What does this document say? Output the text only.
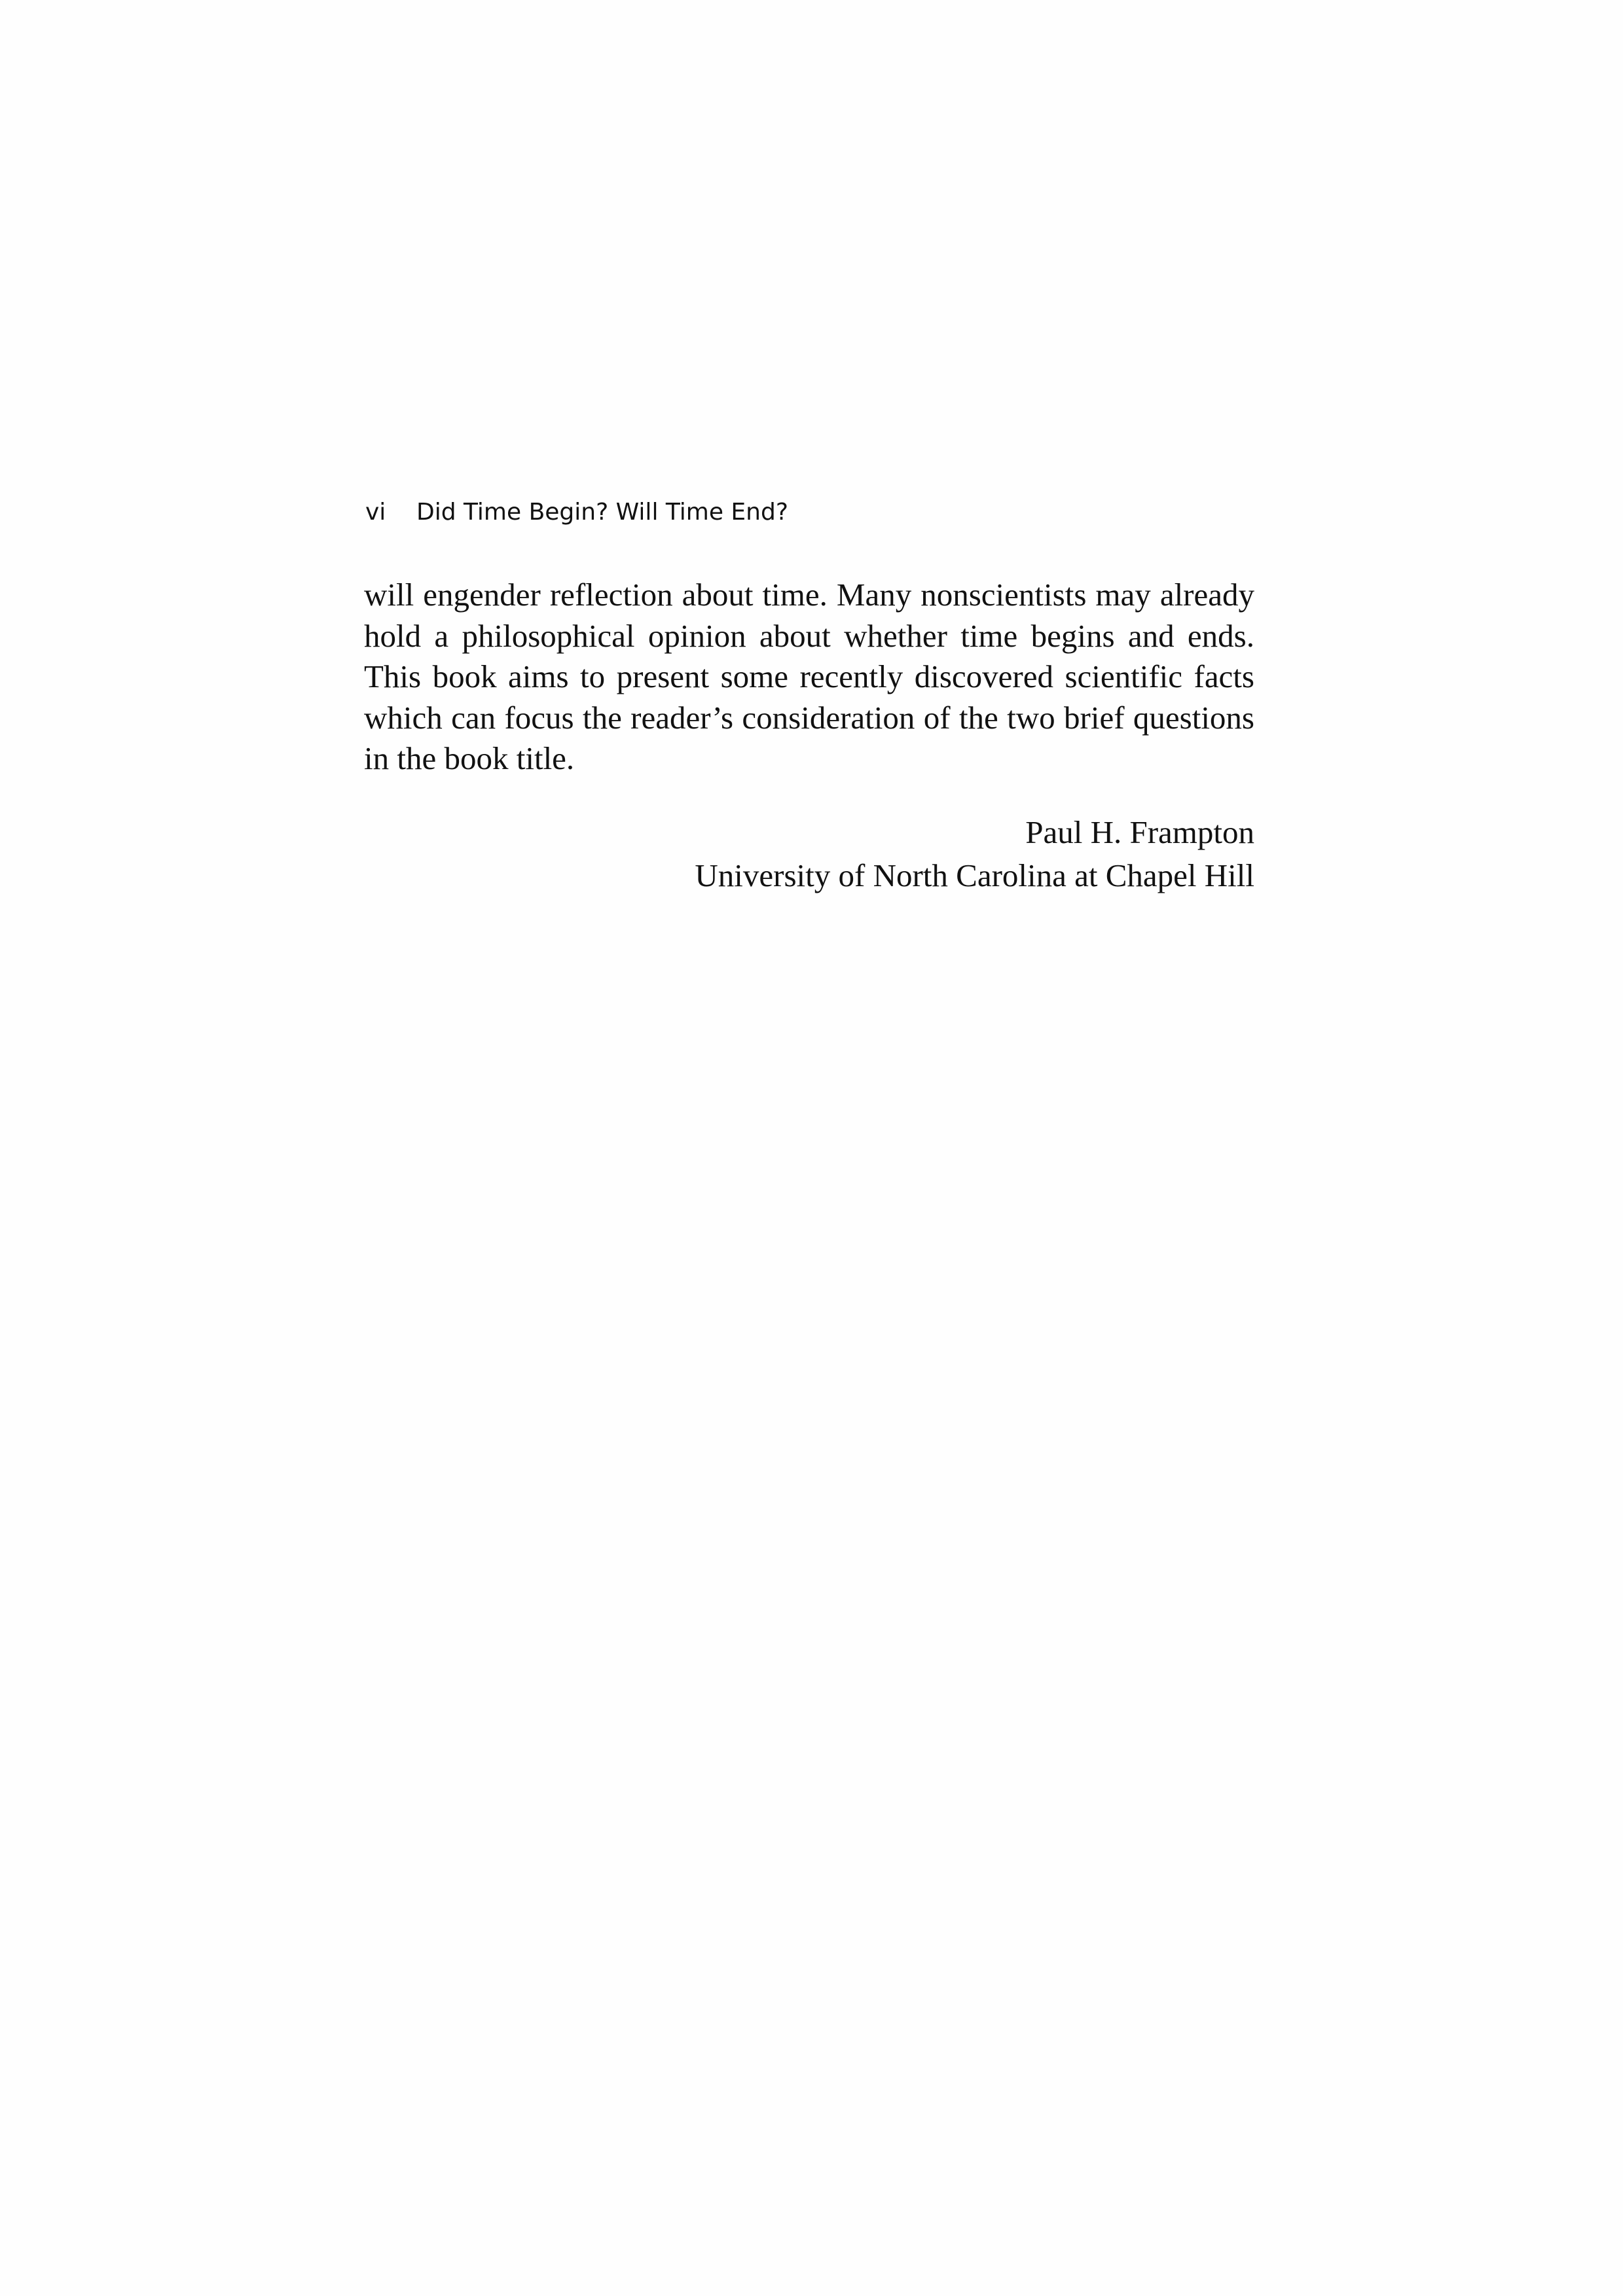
vi Did Time Begin? Will Time End?

will engender reflection about time. Many nonscientists may already hold a philosophical opinion about whether time begins and ends. This book aims to present some recently discovered scientific facts which can focus the reader’s consideration of the two brief questions in the book title.

Paul H. Frampton
University of North Carolina at Chapel Hill
